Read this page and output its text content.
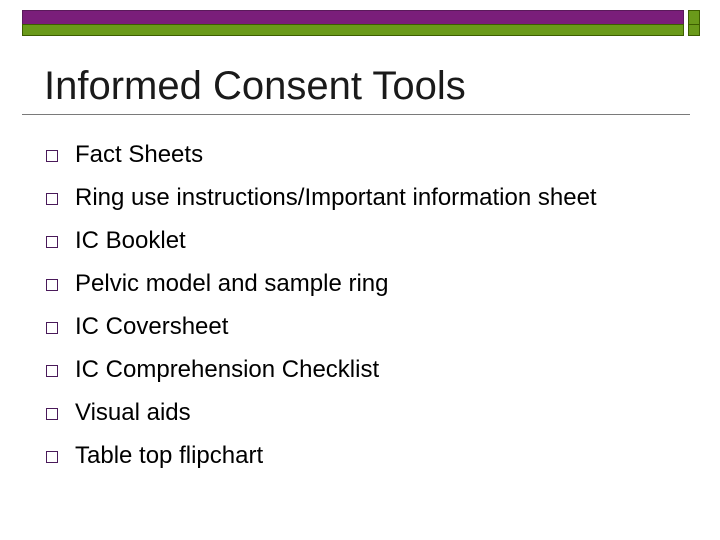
Informed Consent Tools
Fact Sheets
Ring use instructions/Important information sheet
IC Booklet
Pelvic model and sample ring
IC Coversheet
IC Comprehension Checklist
Visual aids
Table top flipchart
